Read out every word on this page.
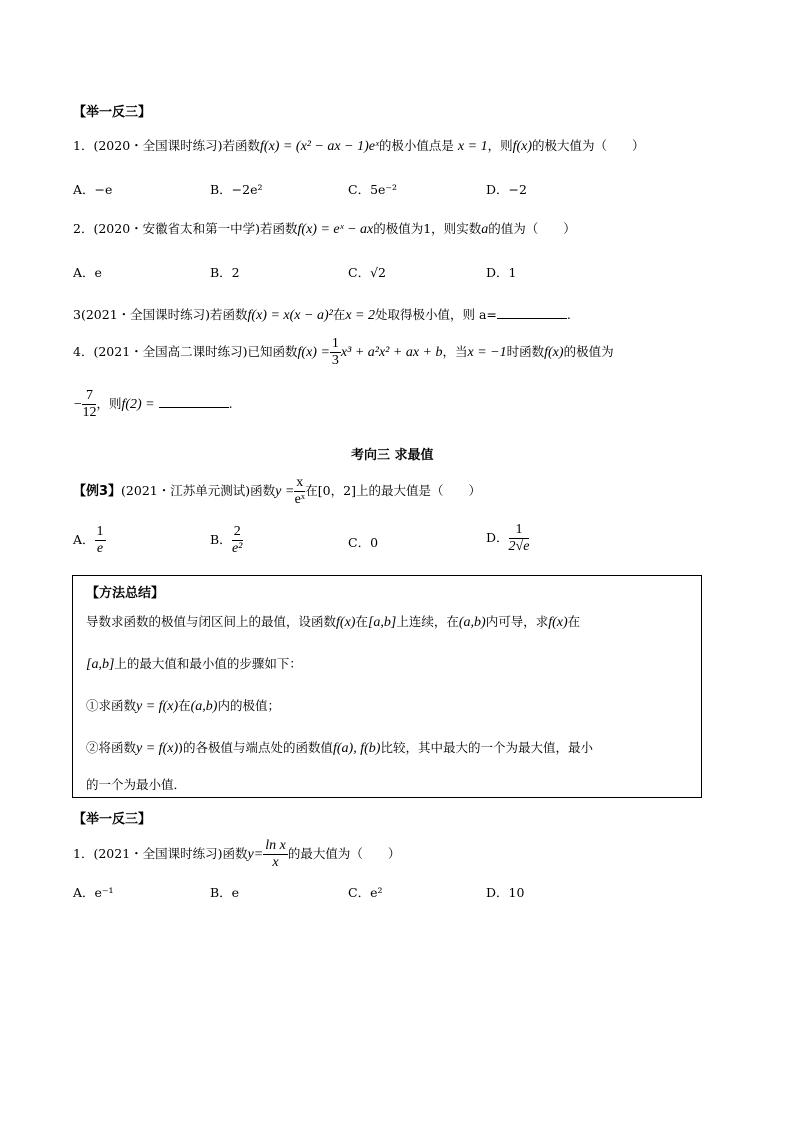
【举一反三】
1．(2020・全国课时练习)若函数f(x) = (x² − ax − 1)eˣ的极小值点是 x = 1，则f(x)的极大值为（　　）
A．−e	B．−2e²	C．5e⁻²	D．−2
2．(2020・安徽省太和第一中学)若函数f(x) = eˣ − ax的极值为1，则实数a的值为（　　）
A．e	B．2	C．√2	D．1
3(2021・全国课时练习)若函数f(x) = x(x − a)²在x = 2处取得极小值，则 a=	.
4．(2021・全国高二课时练习)已知函数$f(x) = \frac{1}{3} x^3 + a^2x^2$ + ax + b，当x = −1时函数f(x)的极值为
− $\frac{7}{12}$ ，则f(2) =	.
考向三 求最值
【例3】(2021・江苏单元测试)函数$y = \frac{x}{\text{eˣ}}$ 在[0，2]上的最大值是（　　）
A． $\frac{1}{e}$	B． $\frac{2}{\text{e²}}$	C．0	D． $\frac{1}{2√e}$
【方法总结】
导数求函数的极值与闭区间上的最值，设函数f(x)在[a,b]上连续，在(a,b)内可导，求f(x)在
[a,b]上的最大值和最小值的步骤如下：
①求函数y = f(x)在(a,b)内的极值；
②将函数y = f(x))的各极值与端点处的函数值f(a), f(b)比较，其中最大的一个为最大值，最小
的一个为最小值．
【举一反三】
1．(2021・全国课时练习)函数$y= \frac{\text{ln x}}{x}$ 的最大值为（　　）
A．e⁻¹	B．e	C．e²	D．10
